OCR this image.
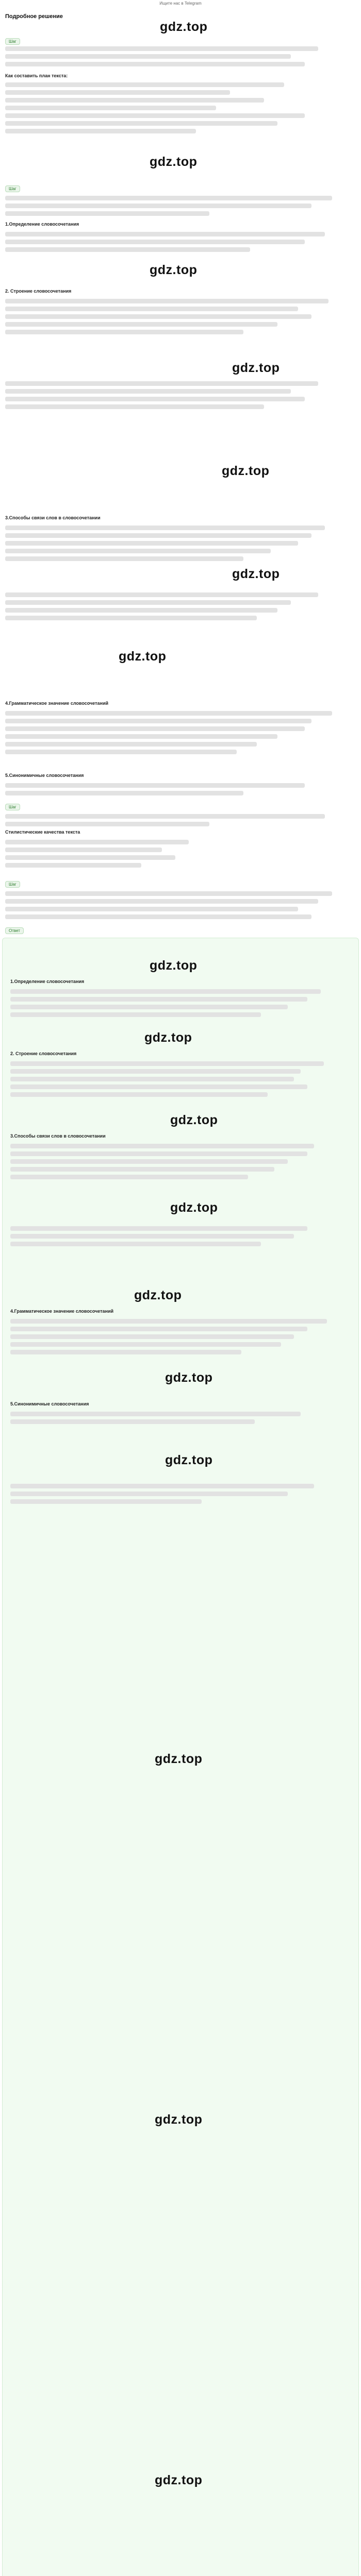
Ищите нас в Telegram
Подробное решение
gdz.top
Шаг
Как составить план текста:
gdz.top
Шаг
1.Определение словосочетания
gdz.top
2. Строение словосочетания
gdz.top
gdz.top
3.Способы связи слов в словосочетании
gdz.top
gdz.top
4.Грамматическое значение словосочетаний
5.Синонимичные словосочетания
Шаг
Стилистические качества текста
Шаг
Ответ
gdz.top
1.Определение словосочетания
gdz.top
2. Строение словосочетания
gdz.top
3.Способы связи слов в словосочетании
gdz.top
gdz.top
4.Грамматическое значение словосочетаний
gdz.top
5.Синонимичные словосочетания
gdz.top
gdz.top
gdz.top
gdz.top
